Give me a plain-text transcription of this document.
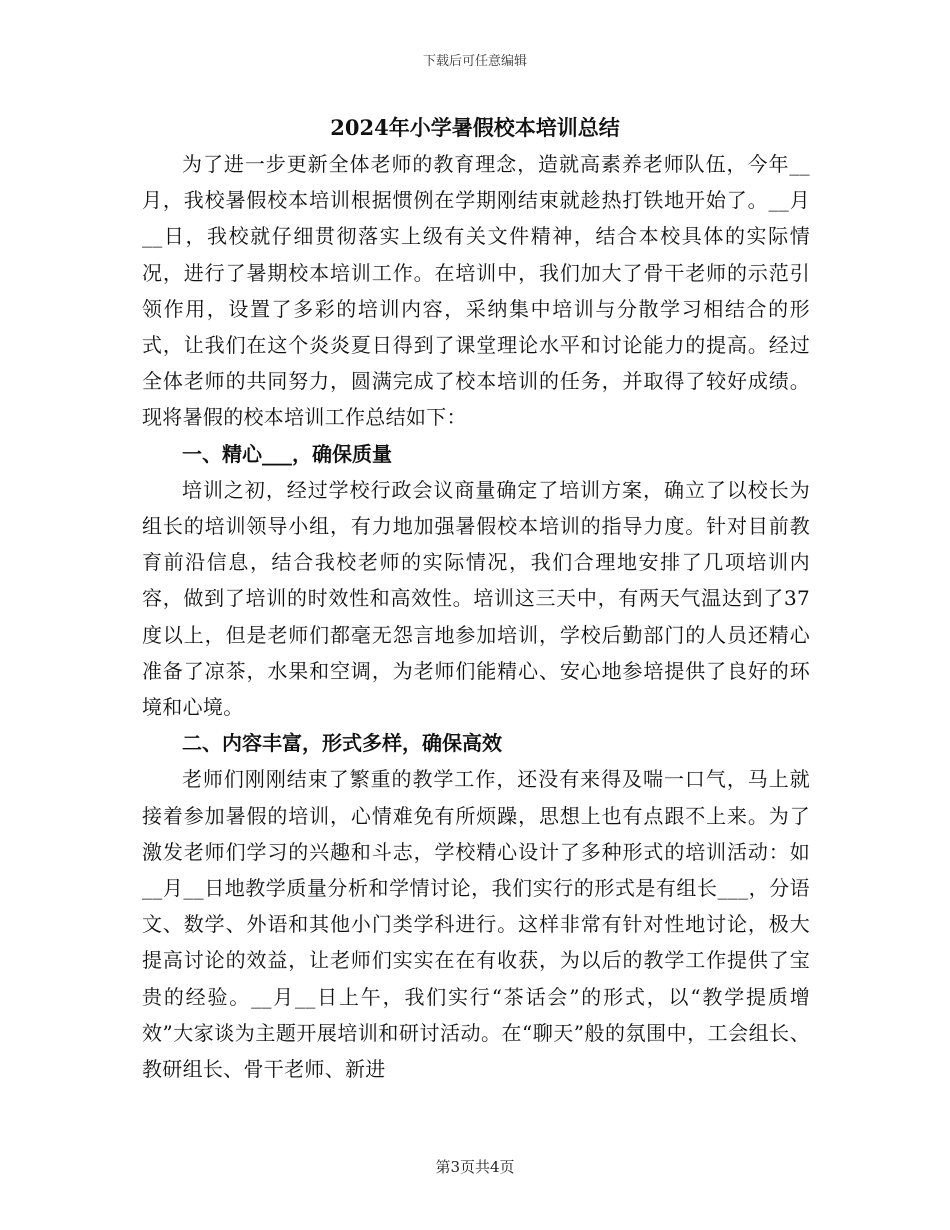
下载后可任意编辑
2024年小学暑假校本培训总结

为了进一步更新全体老师的教育理念，造就高素养老师队伍，今年__月，我校暑假校本培训根据惯例在学期刚结束就趁热打铁地开始了。__月__日，我校就仔细贯彻落实上级有关文件精神，结合本校具体的实际情况，进行了暑期校本培训工作。在培训中，我们加大了骨干老师的示范引领作用，设置了多彩的培训内容，采纳集中培训与分散学习相结合的形式，让我们在这个炎炎夏日得到了课堂理论水平和讨论能力的提高。经过全体老师的共同努力，圆满完成了校本培训的任务，并取得了较好成绩。现将暑假的校本培训工作总结如下：

一、精心___，确保质量

培训之初，经过学校行政会议商量确定了培训方案，确立了以校长为组长的培训领导小组，有力地加强暑假校本培训的指导力度。针对目前教育前沿信息，结合我校老师的实际情况，我们合理地安排了几项培训内容，做到了培训的时效性和高效性。培训这三天中，有两天气温达到了37度以上，但是老师们都毫无怨言地参加培训，学校后勤部门的人员还精心准备了凉茶，水果和空调，为老师们能精心、安心地参培提供了良好的环境和心境。

二、内容丰富，形式多样，确保高效

老师们刚刚结束了繁重的教学工作，还没有来得及喘一口气，马上就接着参加暑假的培训，心情难免有所烦躁，思想上也有点跟不上来。为了激发老师们学习的兴趣和斗志，学校精心设计了多种形式的培训活动：如__月__日地教学质量分析和学情讨论，我们实行的形式是有组长___，分语文、数学、外语和其他小门类学科进行。这样非常有针对性地讨论，极大提高讨论的效益，让老师们实实在在有收获，为以后的教学工作提供了宝贵的经验。__月__日上午，我们实行“茶话会”的形式，以“教学提质增效”大家谈为主题开展培训和研讨活动。在“聊天”般的氛围中，工会组长、教研组长、骨干老师、新进

第3页共4页
